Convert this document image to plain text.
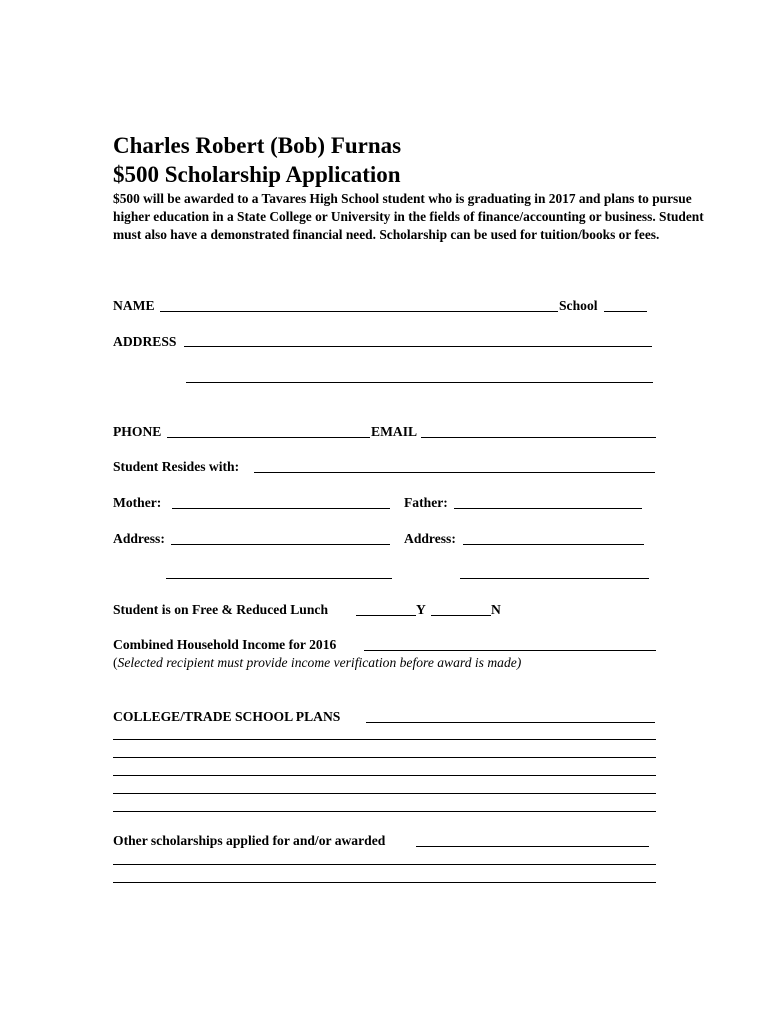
Charles Robert (Bob) Furnas
$500 Scholarship Application
$500 will be awarded to a Tavares High School student who is graduating in 2017 and plans to pursue higher education in a State College or University in the fields of finance/accounting or business. Student must also have a demonstrated financial need. Scholarship can be used for tuition/books or fees.
NAME	School
ADDRESS
PHONE	EMAIL
Student Resides with:
Mother:	Father:
Address:	Address:
Student is on Free & Reduced Lunch	Y	N
Combined Household Income for 2016
(Selected recipient must provide income verification before award is made)
COLLEGE/TRADE SCHOOL PLANS
Other scholarships applied for and/or awarded
